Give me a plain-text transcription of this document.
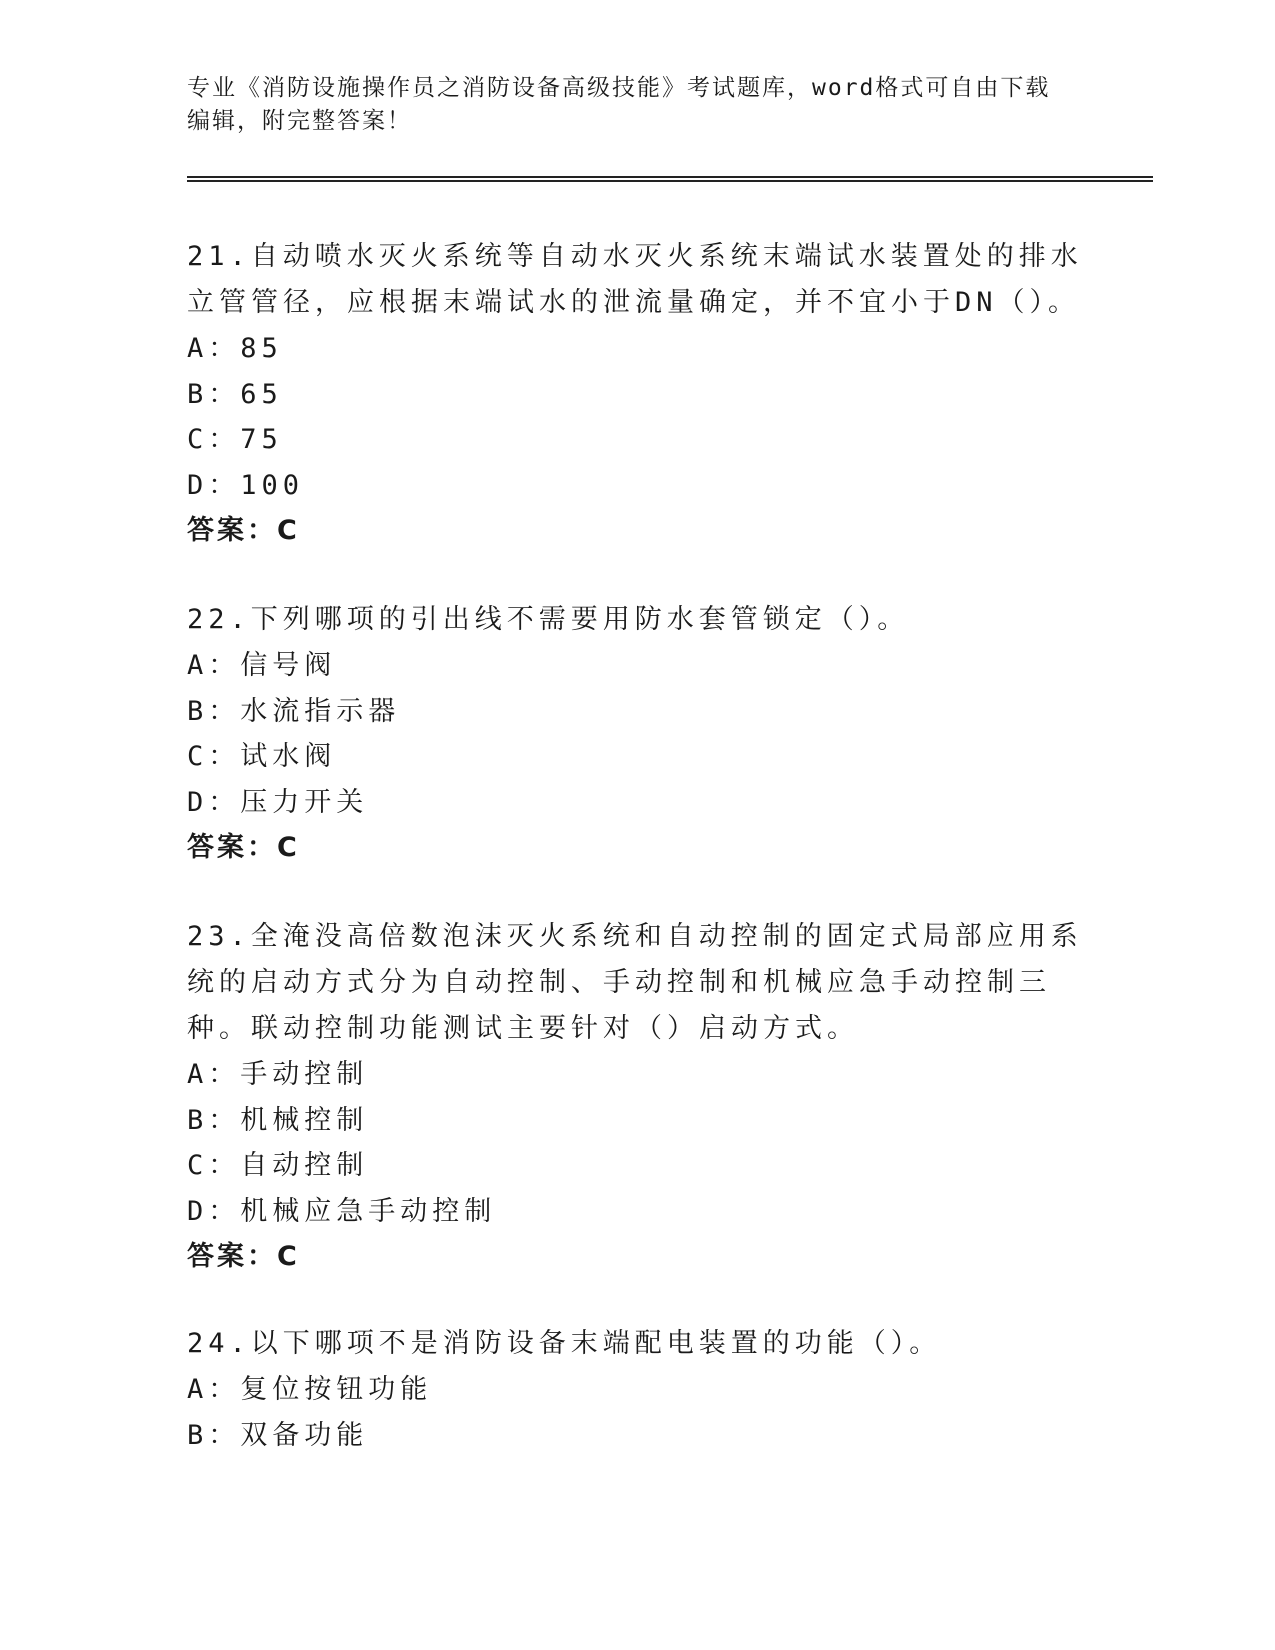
专业《消防设施操作员之消防设备高级技能》考试题库，word格式可自由下载编辑，附完整答案！
21.自动喷水灭火系统等自动水灭火系统末端试水装置处的排水立管管径，应根据末端试水的泄流量确定，并不宜小于DN（）。
A：85
B：65
C：75
D：100
答案：C
22.下列哪项的引出线不需要用防水套管锁定（）。
A：信号阀
B：水流指示器
C：试水阀
D：压力开关
答案：C
23.全淹没高倍数泡沫灭火系统和自动控制的固定式局部应用系统的启动方式分为自动控制、手动控制和机械应急手动控制三种。联动控制功能测试主要针对（）启动方式。
A：手动控制
B：机械控制
C：自动控制
D：机械应急手动控制
答案：C
24.以下哪项不是消防设备末端配电装置的功能（）。
A：复位按钮功能
B：双备功能
